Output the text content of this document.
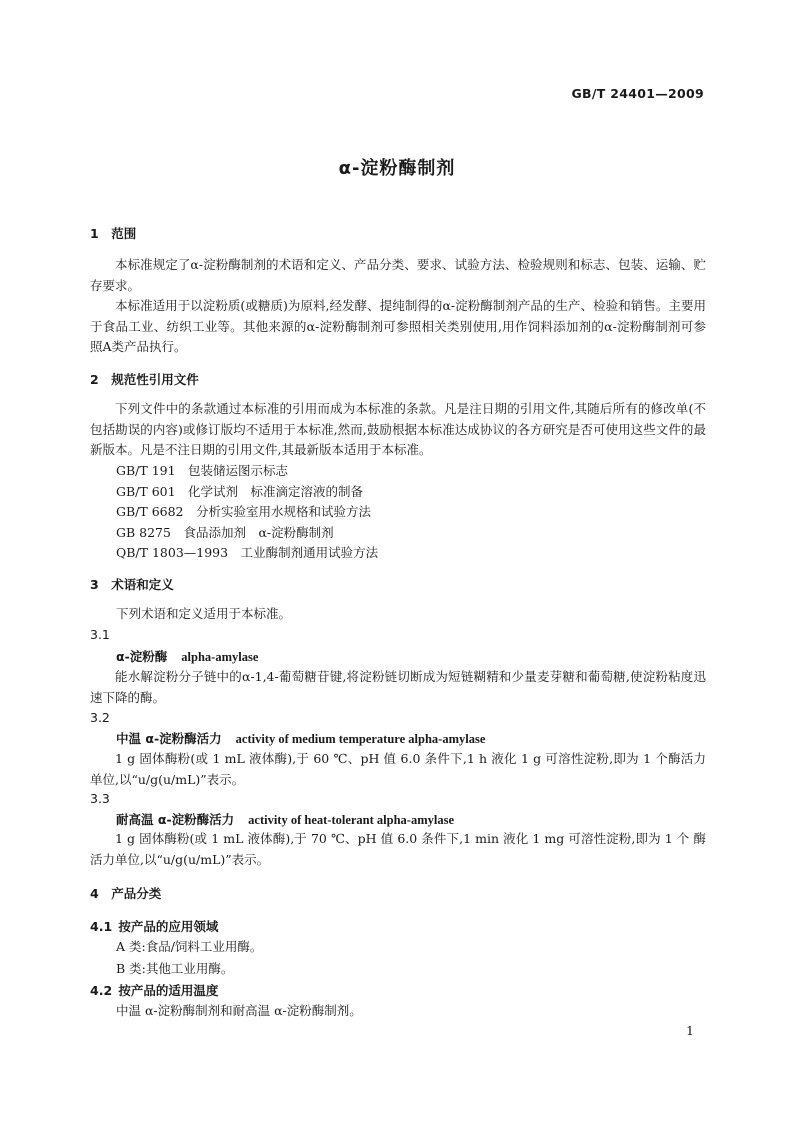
GB/T 24401—2009
α-淀粉酶制剂
1  范围
本标准规定了α-淀粉酶制剂的术语和定义、产品分类、要求、试验方法、检验规则和标志、包装、运输、贮存要求。
本标准适用于以淀粉质(或糖质)为原料,经发酵、提纯制得的α-淀粉酶制剂产品的生产、检验和销售。主要用于食品工业、纺织工业等。其他来源的α-淀粉酶制剂可参照相关类别使用,用作饲料添加剂的α-淀粉酶制剂可参照A类产品执行。
2  规范性引用文件
下列文件中的条款通过本标准的引用而成为本标准的条款。凡是注日期的引用文件,其随后所有的修改单(不包括勘误的内容)或修订版均不适用于本标准,然而,鼓励根据本标准达成协议的各方研究是否可使用这些文件的最新版本。凡是不注日期的引用文件,其最新版本适用于本标准。
GB/T 191　包装储运图示标志
GB/T 601　化学试剂　标准滴定溶液的制备
GB/T 6682　分析实验室用水规格和试验方法
GB 8275　食品添加剂　α-淀粉酶制剂
QB/T 1803—1993　工业酶制剂通用试验方法
3  术语和定义
下列术语和定义适用于本标准。
3.1
α-淀粉酶 alpha-amylase
能水解淀粉分子链中的α-1,4-葡萄糖苷键,将淀粉链切断成为短链糊精和少量麦芽糖和葡萄糖,使淀粉粘度迅速下降的酶。
3.2
中温 α-淀粉酶活力 activity of medium temperature alpha-amylase
1 g 固体酶粉(或 1 mL 液体酶),于 60 ℃、pH 值 6.0 条件下,1 h 液化 1 g 可溶性淀粉,即为 1 个酶活力单位,以“u/g(u/mL)”表示。
3.3
耐高温 α-淀粉酶活力 activity of heat-tolerant alpha-amylase
1 g 固体酶粉(或 1 mL 液体酶),于 70 ℃、pH 值 6.0 条件下,1 min 液化 1 mg 可溶性淀粉,即为 1 个 酶活力单位,以“u/g(u/mL)”表示。
4  产品分类
4.1  按产品的应用领域
A 类:食品/饲料工业用酶。
B 类:其他工业用酶。
4.2  按产品的适用温度
中温 α-淀粉酶制剂和耐高温 α-淀粉酶制剂。
1
